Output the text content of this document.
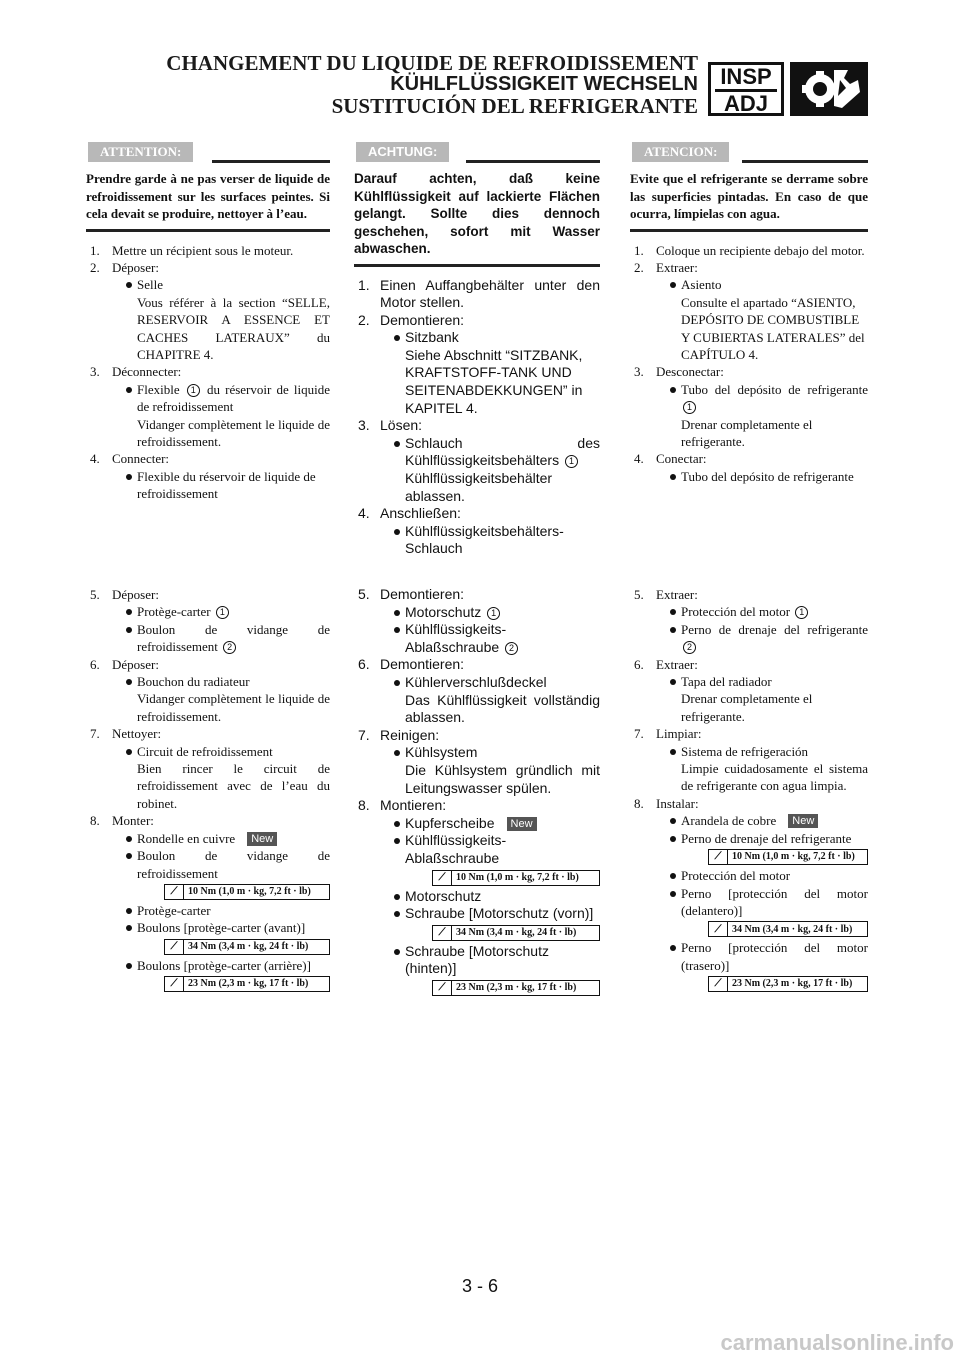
CHANGEMENT DU LIQUIDE DE REFROIDISSEMENT
KÜHLFLÜSSIGKEIT WECHSELN
SUSTITUCIÓN DEL REFRIGERANTE
INSP
ADJ
ATTENTION:
Prendre garde à ne pas verser de liquide de refroidissement sur les surfaces peintes. Si cela devait se produire, nettoyer à l’eau.
1. Mettre un récipient sous le moteur.
2. Déposer:
Selle
Vous référer à la section “SELLE, RESERVOIR A ESSENCE ET CACHES LATERAUX” du CHAPITRE 4.
3. Déconnecter:
Flexible 1 du réservoir de liquide de refroidissement
Vidanger complètement le liquide de refroidissement.
4. Connecter:
Flexible du réservoir de liquide de refroidissement
5. Déposer:
Protège-carter 1
Boulon de vidange de refroidissement 2
6. Déposer:
Bouchon du radiateur
Vidanger complètement le liquide de refroidissement.
7. Nettoyer:
Circuit de refroidissement
Bien rincer le circuit de refroidissement avec de l’eau du robinet.
8. Monter:
Rondelle en cuivre New
Boulon de vidange de refroidissement
⟋	10 Nm (1,0 m · kg, 7,2 ft · lb)
Protège-carter
Boulons [protège-carter (avant)]
⟋	34 Nm (3,4 m · kg, 24 ft · lb)
Boulons [protège-carter (arrière)]
⟋	23 Nm (2,3 m · kg, 17 ft · lb)
ACHTUNG:
Darauf achten, daß keine Kühlflüssigkeit auf lackierte Flächen gelangt. Sollte dies dennoch geschehen, sofort mit Wasser abwaschen.
1. Einen Auffangbehälter unter den Motor stellen.
2. Demontieren:
Sitzbank
Siehe Abschnitt “SITZBANK, KRAFTSTOFF-TANK UND SEITENABDEKKUNGEN” in KAPITEL 4.
3. Lösen:
Schlauch des Kühlflüssigkeitsbehälters 1
Kühlflüssigkeitsbehälter ablassen.
4. Anschließen:
Kühlflüssigkeitsbehälters-Schlauch
5. Demontieren:
Motorschutz 1
Kühlflüssigkeits-Ablaßschraube 2
6. Demontieren:
Kühlerverschlußdeckel
Das Kühlflüssigkeit vollständig ablassen.
7. Reinigen:
Kühlsystem
Die Kühlsystem gründlich mit Leitungswasser spülen.
8. Montieren:
Kupferscheibe New
Kühlflüssigkeits-Ablaßschraube
⟋	10 Nm (1,0 m · kg, 7,2 ft · lb)
Motorschutz
Schraube [Motorschutz (vorn)]
⟋	34 Nm (3,4 m · kg, 24 ft · lb)
Schraube [Motorschutz (hinten)]
⟋	23 Nm (2,3 m · kg, 17 ft · lb)
ATENCION:
Evite que el refrigerante se derrame sobre las superficies pintadas. En caso de que ocurra, límpielas con agua.
1. Coloque un recipiente debajo del motor.
2. Extraer:
Asiento
Consulte el apartado “ASIENTO, DEPÓSITO DE COMBUSTIBLE Y CUBIERTAS LATERALES” del CAPÍTULO 4.
3. Desconectar:
Tubo del depósito de refrigerante 1
Drenar completamente el refrigerante.
4. Conectar:
Tubo del depósito de refrigerante
5. Extraer:
Protección del motor 1
Perno de drenaje del refrigerante 2
6. Extraer:
Tapa del radiador
Drenar completamente el refrigerante.
7. Limpiar:
Sistema de refrigeración
Limpie cuidadosamente el sistema de refrigerante con agua limpia.
8. Instalar:
Arandela de cobre New
Perno de drenaje del refrigerante
⟋	10 Nm (1,0 m · kg, 7,2 ft · lb)
Protección del motor
Perno [protección del motor (delantero)]
⟋	34 Nm (3,4 m · kg, 24 ft · lb)
Perno [protección del motor (trasero)]
⟋	23 Nm (2,3 m · kg, 17 ft · lb)
3 - 6
carmanualsonline.info
